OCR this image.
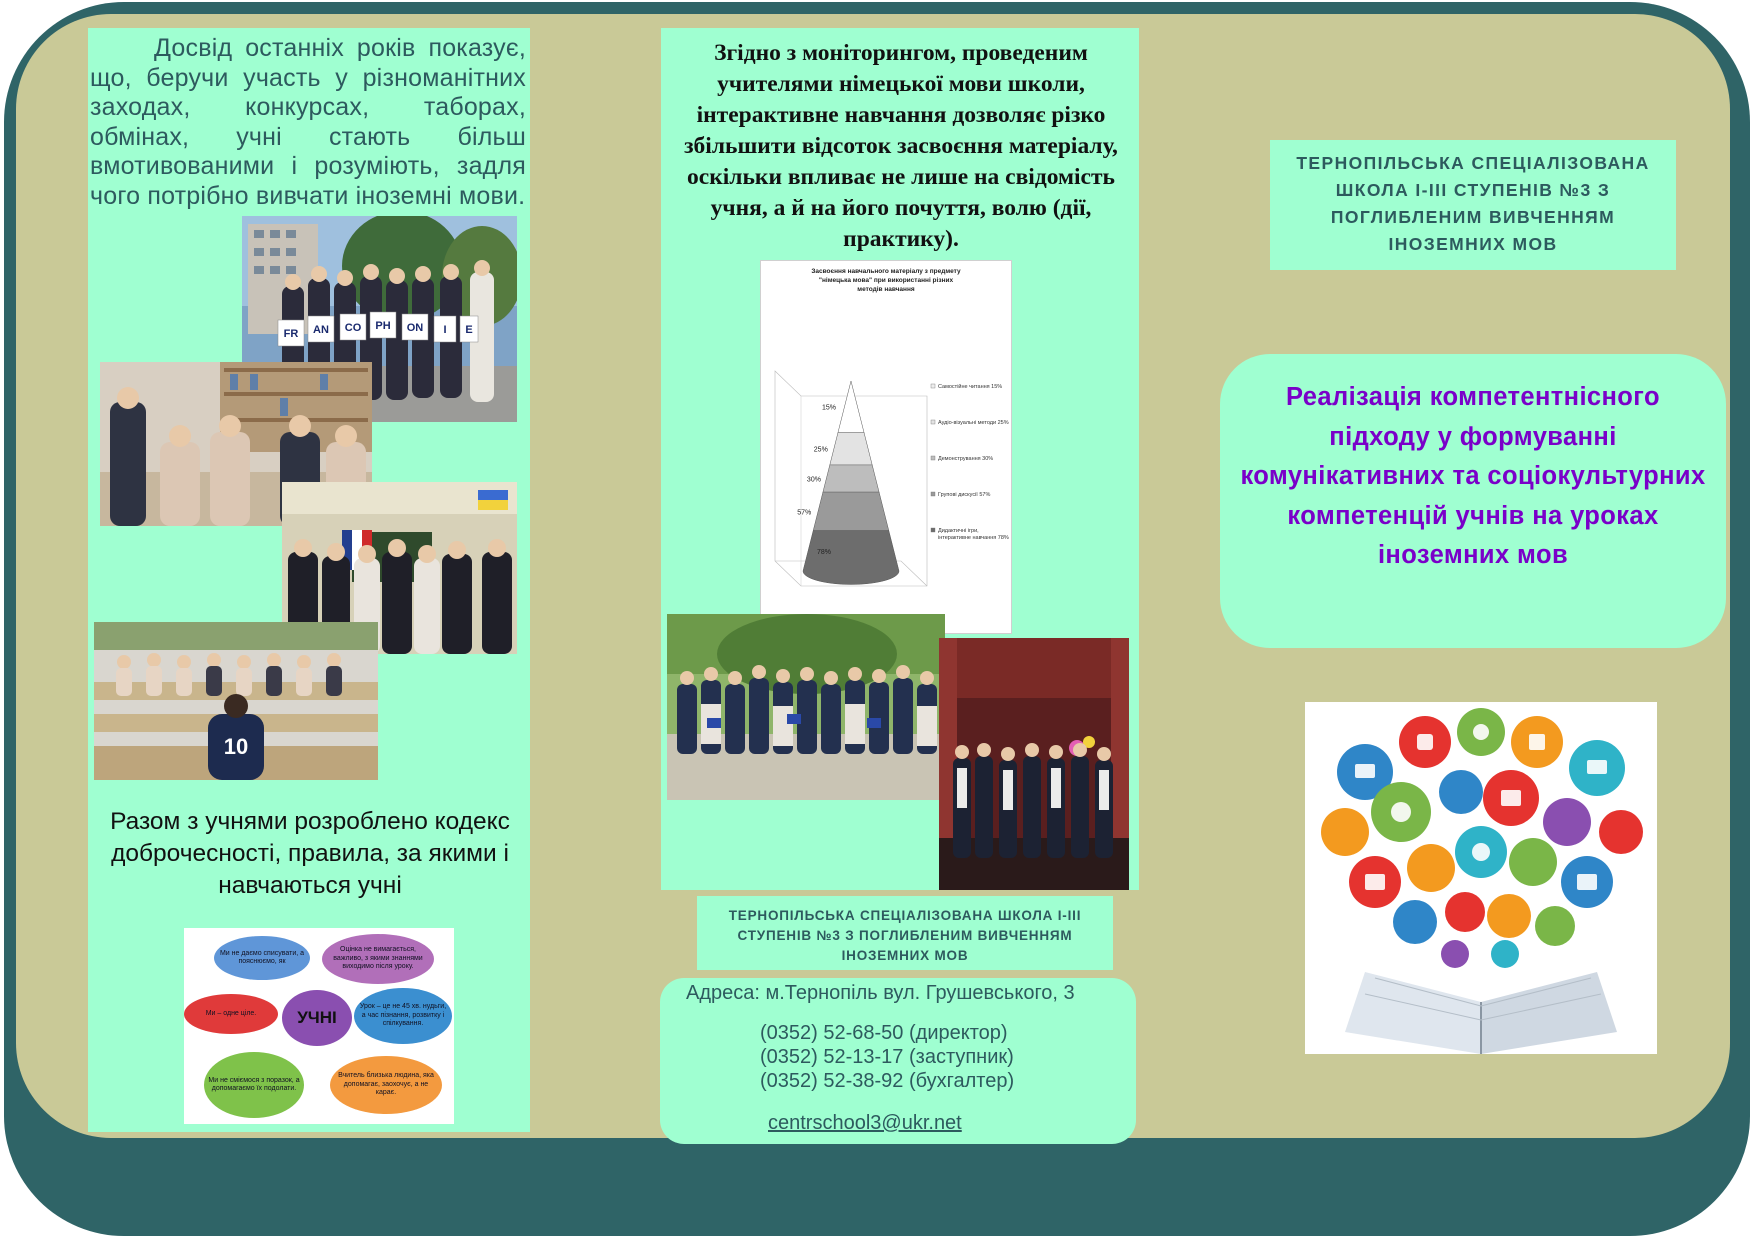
Досвід останніх років показує, що, беручи участь у різноманітних заходах, конкурсах, таборах, обмінах, учні стають більш вмотивованими і розуміють, задля чого потрібно вивчати іноземні мови.

FR AN CO PH ON I E
10

Разом з учнями розроблено кодекс доброчесності, правила, за якими і навчаються учні

Ми не даємо списувати, а пояснюємо, як
Оцінка не вимагається, важливо, з якими знаннями виходимо після уроку.
Ми – одне ціле.	УЧНІ
Урок – це не 45 хв. нудьги, а час пізнання, розвитку і спілкування.
Ми не сміємося з поразок, а допомагаємо їх подолати.
Вчитель близька людина, яка допомагає, заохочує, а не карає.

Згідно з моніторингом, проведеним учителями німецької мови школи, інтерактивне навчання дозволяє різко збільшити відсоток засвоєння матеріалу, оскільки впливає не лише на свідомість учня, а й на його почуття, волю (дії, практику).

Засвоєння навчального матеріалу з предмету "німецька мова" при використанні різних методів навчання
15%
25%
30%
57%
78%
Самостійне читання 15%
Аудіо-візуальні методи 25%
Демонстрування 30%
Групові дискусії 57%
Дидактичні ігри, інтерактивне навчання 78%
ТЕРНОПІЛЬСЬКА СПЕЦІАЛІЗОВАНА ШКОЛА І-ІІІ СТУПЕНІВ №3 З ПОГЛИБЛЕНИМ ВИВЧЕННЯМ ІНОЗЕМНИХ МОВ
Адреса: м.Тернопіль вул. Грушевського, 3
(0352) 52-68-50 (директор)
(0352) 52-13-17 (заступник)
(0352) 52-38-92 (бухгалтер)
centrschool3@ukr.net
ТЕРНОПІЛЬСЬКА СПЕЦІАЛІЗОВАНА ШКОЛА І-ІІІ СТУПЕНІВ №3 З ПОГЛИБЛЕНИМ ВИВЧЕННЯМ ІНОЗЕМНИХ МОВ

Реалізація компетентнісного підходу у формуванні комунікативних та соціокультурних компетенцій учнів на уроках іноземних мов
